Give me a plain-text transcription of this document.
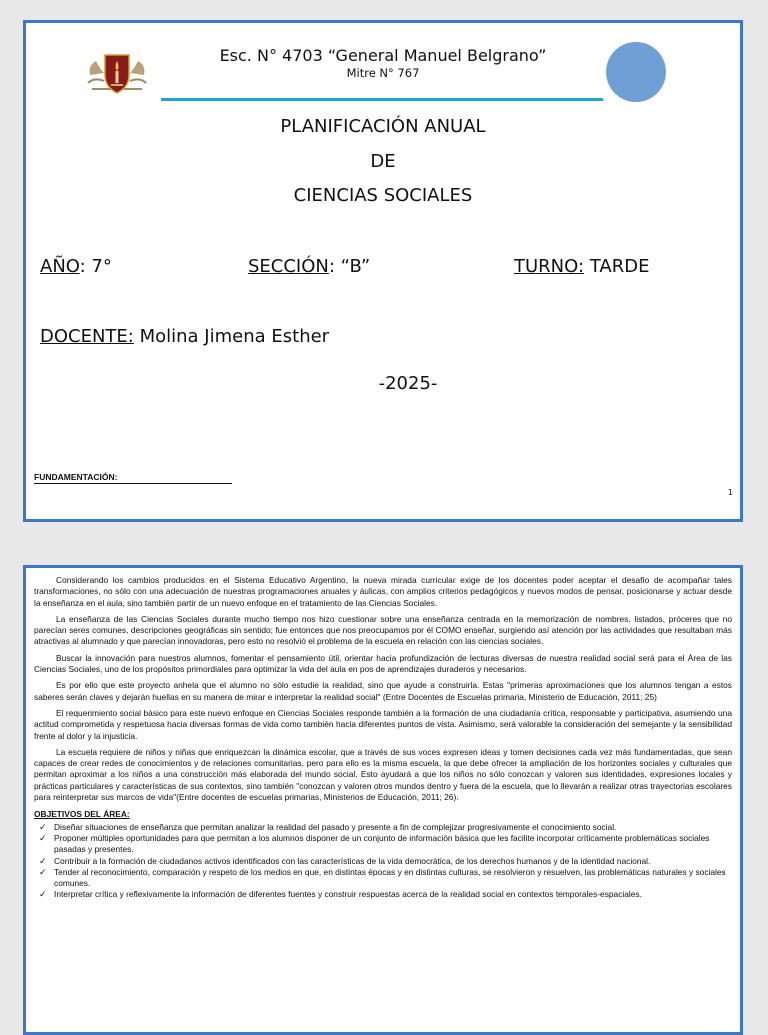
Esc. N° 4703 “General Manuel Belgrano”
Mitre N° 767
PLANIFICACIÓN ANUAL
DE
CIENCIAS SOCIALES
AÑO: 7°	SECCIÓN: “B”	TURNO: TARDE
DOCENTE: Molina Jimena Esther
-2025-
FUNDAMENTACIÓN:
1

Considerando los cambios producidos en el Sistema Educativo Argentino, la nueva mirada curricular exige de los docentes poder aceptar el desafío de acompañar tales transformaciones, no sólo con una adecuación de nuestras programaciones anuales y áulicas, con amplios criterios pedagógicos y nuevos modos de pensar, posicionarse y actuar desde la enseñanza en el aula, sino también partir de un nuevo enfoque en el tratamiento de las Ciencias Sociales.

La enseñanza de las Ciencias Sociales durante mucho tiempo nos hizo cuestionar sobre una enseñanza centrada en la memorización de nombres, listados, próceres que no parecían seres comunes, descripciones geográficas sin sentido; fue entonces que nos preocupamos por él COMO enseñar, surgiendo así atención por las actividades que resultaban más atractivas al alumnado y que parecían innovadoras, pero esto no resolvió el problema de la escuela en relación con las ciencias sociales.

Buscar la innovación para nuestros alumnos, fomentar el pensamiento útil, orientar hacia profundización de lecturas diversas de nuestra realidad social será para el Área de las Ciencias Sociales, uno de los propósitos primordiales para optimizar la vida del aula en pos de aprendizajes duraderos y necesarios.

Es por ello que este proyecto anhela que el alumno no sólo estudie la realidad, sino que ayude a construirla. Estas "primeras aproximaciones que los alumnos tengan a estos saberes serán claves y dejarán huellas en su manera de mirar e interpretar la realidad social" (Entre Docentes de Escuelas primaria, Ministerio de Educación, 2011; 25)

El requerimiento social básico para este nuevo enfoque en Ciencias Sociales responde también a la formación de una ciudadanía crítica, responsable y participativa, asumiendo una actitud comprometida y respetuosa hacia diversas formas de vida como también hacia diferentes puntos de vista. Asimismo, será valorable la consideración del semejante y la sensibilidad frente al dolor y la injusticia.

La escuela requiere de niños y niñas que enriquezcan la dinámica escolar, que a través de sus voces expresen ideas y tomen decisiones cada vez más fundamentadas, que sean capaces de crear redes de conocimientos y de relaciones comunitarias, pero para ello es la misma escuela, la que debe ofrecer la ampliación de los horizontes sociales y culturales que permitan aproximar a los niños a una construcción más elaborada del mundo social. Esto ayudará a que los niños no sólo conozcan y valoren sus identidades, expresiones locales y prácticas particulares y características de sus contextos, sino también "conozcan y valoren otros mundos dentro y fuera de la escuela, que lo llevarán a realizar otras trayectorias escolares para reinterpretar sus marcos de vida"(Entre docentes de escuelas primarias, Ministerios de Educación, 2011; 26).

OBJETIVOS DEL ÁREA:
✓ Diseñar situaciones de enseñanza que permitan analizar la realidad del pasado y presente a fin de complejizar progresivamente el conocimiento social.
✓ Proponer múltiples oportunidades para que permitan a los alumnos disponer de un conjunto de información básica que les facilite incorporar críticamente problemáticas sociales pasadas y presentes.
✓ Contribuir a la formación de ciudadanos activos identificados con las características de la vida democrática, de los derechos humanos y de la identidad nacional.
✓ Tender al reconocimiento, comparación y respeto de los medios en que, en distintas épocas y en distintas culturas, se resolvieron y resuelven, las problemáticas naturales y sociales comunes.
✓ Interpretar crítica y reflexivamente la información de diferentes fuentes y construir respuestas acerca de la realidad social en contextos temporales-espaciales.
